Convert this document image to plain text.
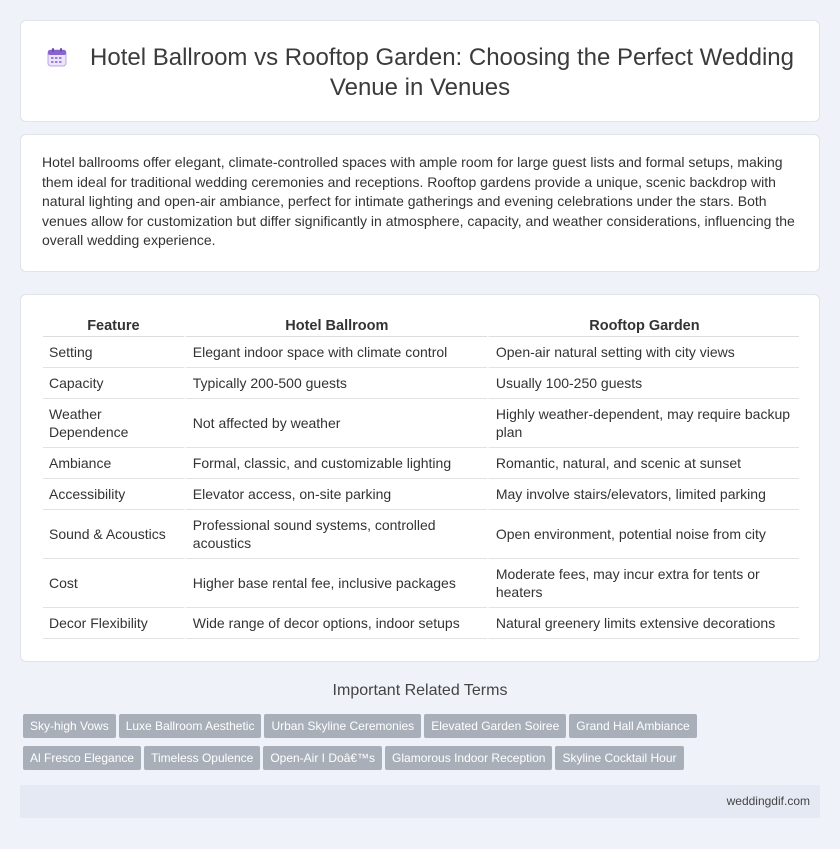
Hotel Ballroom vs Rooftop Garden: Choosing the Perfect Wedding Venue in Venues

Hotel ballrooms offer elegant, climate-controlled spaces with ample room for large guest lists and formal setups, making them ideal for traditional wedding ceremonies and receptions. Rooftop gardens provide a unique, scenic backdrop with natural lighting and open-air ambiance, perfect for intimate gatherings and evening celebrations under the stars. Both venues allow for customization but differ significantly in atmosphere, capacity, and weather considerations, influencing the overall wedding experience.

Feature	Hotel Ballroom	Rooftop Garden
Setting	Elegant indoor space with climate control	Open-air natural setting with city views
Capacity	Typically 200-500 guests	Usually 100-250 guests
Weather Dependence	Not affected by weather	Highly weather-dependent, may require backup plan
Ambiance	Formal, classic, and customizable lighting	Romantic, natural, and scenic at sunset
Accessibility	Elevator access, on-site parking	May involve stairs/elevators, limited parking
Sound & Acoustics	Professional sound systems, controlled acoustics	Open environment, potential noise from city
Cost	Higher base rental fee, inclusive packages	Moderate fees, may incur extra for tents or heaters
Decor Flexibility	Wide range of decor options, indoor setups	Natural greenery limits extensive decorations
Important Related Terms
Sky-high Vows Luxe Ballroom Aesthetic Urban Skyline Ceremonies Elevated Garden Soiree Grand Hall Ambiance
Al Fresco Elegance Timeless Opulence Open-Air I Doâ€™s Glamorous Indoor Reception Skyline Cocktail Hour
weddingdif.com
